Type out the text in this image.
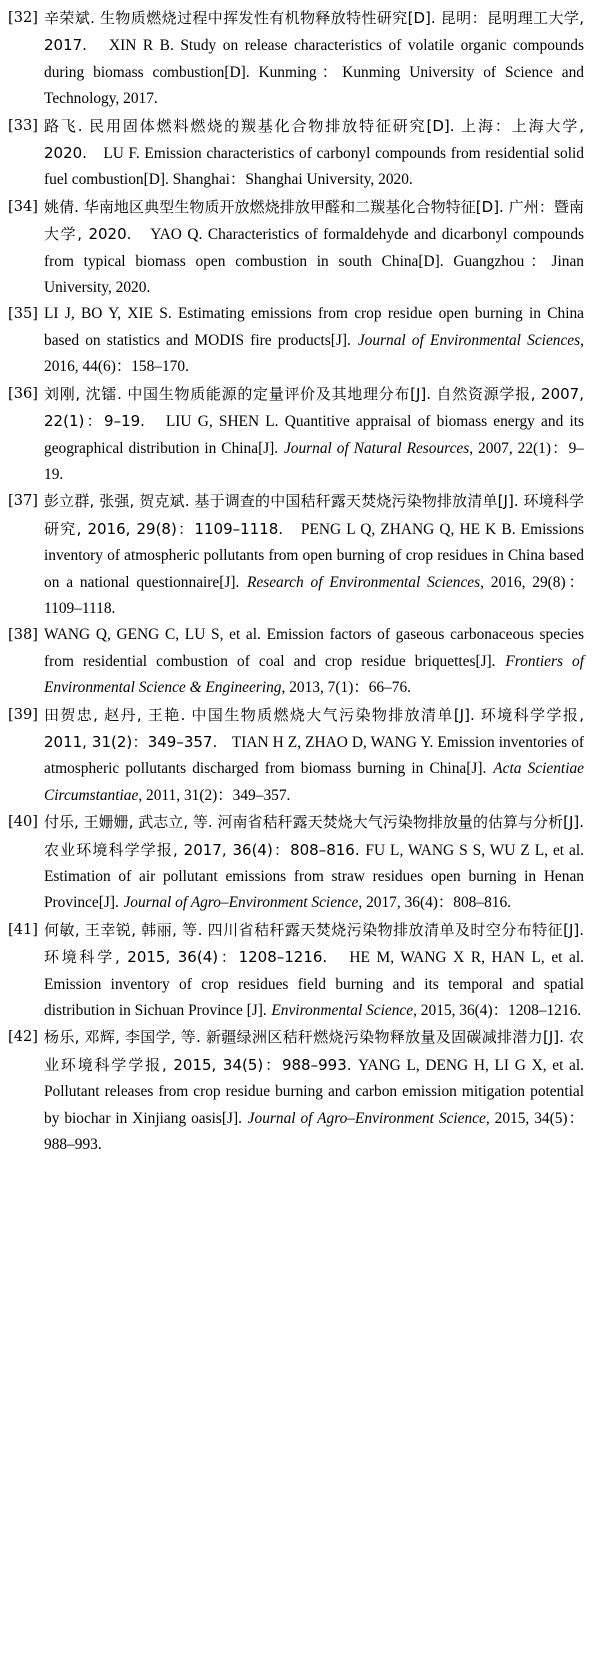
[32] 辛荣斌. 生物质燃烧过程中挥发性有机物释放特性研究[D]. 昆明：昆明理工大学, 2017. XIN R B. Study on release characteristics of volatile organic compounds during biomass combustion[D]. Kunming：Kunming University of Science and Technology, 2017.
[33] 路飞. 民用固体燃料燃烧的羰基化合物排放特征研究[D]. 上海：上海大学, 2020. LU F. Emission characteristics of carbonyl compounds from residential solid fuel combustion[D]. Shanghai：Shanghai University, 2020.
[34] 姚倩. 华南地区典型生物质开放燃烧排放甲醛和二羰基化合物特征[D]. 广州：暨南大学, 2020. YAO Q. Characteristics of formaldehyde and dicarbonyl compounds from typical biomass open combustion in south China[D]. Guangzhou：Jinan University, 2020.
[35] LI J, BO Y, XIE S. Estimating emissions from crop residue open burning in China based on statistics and MODIS fire products[J]. Journal of Environmental Sciences, 2016, 44(6)：158–170.
[36] 刘刚, 沈镭. 中国生物质能源的定量评价及其地理分布[J]. 自然资源学报, 2007, 22(1)：9–19. LIU G, SHEN L. Quantitive appraisal of biomass energy and its geographical distribution in China[J]. Journal of Natural Resources, 2007, 22(1)：9–19.
[37] 彭立群, 张强, 贺克斌. 基于调查的中国秸秆露天焚烧污染物排放清单[J]. 环境科学研究, 2016, 29(8)：1109–1118. PENG L Q, ZHANG Q, HE K B. Emissions inventory of atmospheric pollutants from open burning of crop residues in China based on a national questionnaire[J]. Research of Environmental Sciences, 2016, 29(8)：1109–1118.
[38] WANG Q, GENG C, LU S, et al. Emission factors of gaseous carbonaceous species from residential combustion of coal and crop residue briquettes[J]. Frontiers of Environmental Science & Engineering, 2013, 7(1)：66–76.
[39] 田贺忠, 赵丹, 王艳. 中国生物质燃烧大气污染物排放清单[J]. 环境科学学报, 2011, 31(2)：349–357. TIAN H Z, ZHAO D, WANG Y. Emission inventories of atmospheric pollutants discharged from biomass burning in China[J]. Acta Scientiae Circumstantiae, 2011, 31(2)：349–357.
[40] 付乐, 王姗姗, 武志立, 等. 河南省秸秆露天焚烧大气污染物排放量的估算与分析[J]. 农业环境科学学报, 2017, 36(4)：808–816. FU L, WANG S S, WU Z L, et al. Estimation of air pollutant emissions from straw residues open burning in Henan Province[J]. Journal of Agro–Environment Science, 2017, 36(4)：808–816.
[41] 何敏, 王幸锐, 韩丽, 等. 四川省秸秆露天焚烧污染物排放清单及时空分布特征[J]. 环境科学, 2015, 36(4)：1208–1216. HE M, WANG X R, HAN L, et al. Emission inventory of crop residues field burning and its temporal and spatial distribution in Sichuan Province [J]. Environmental Science, 2015, 36(4)：1208–1216.
[42] 杨乐, 邓辉, 李国学, 等. 新疆绿洲区秸秆燃烧污染物释放量及固碳减排潜力[J]. 农业环境科学学报, 2015, 34(5)：988–993. YANG L, DENG H, LI G X, et al. Pollutant releases from crop residue burning and carbon emission mitigation potential by biochar in Xinjiang oasis[J]. Journal of Agro–Environment Science, 2015, 34(5)：988–993.
